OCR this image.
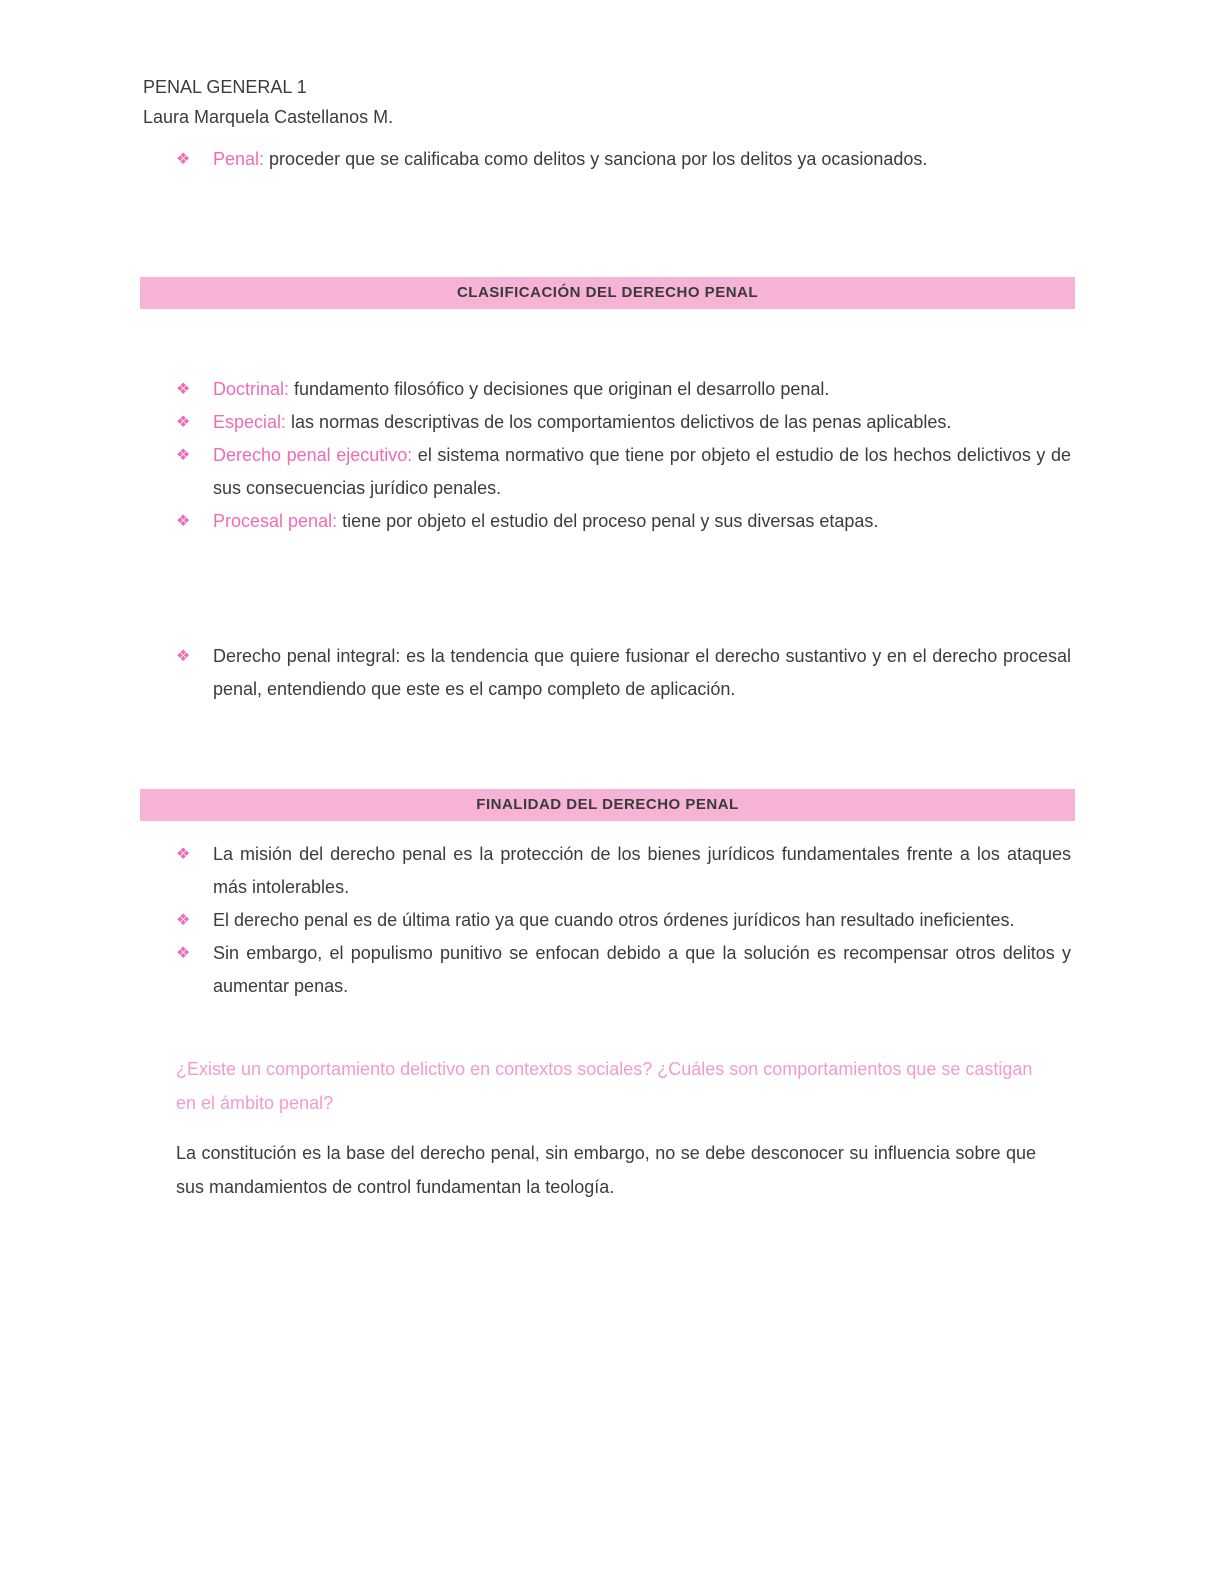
PENAL GENERAL 1
Laura Marquela Castellanos M.
❖ Penal: proceder que se calificaba como delitos y sanciona por los delitos ya ocasionados.
CLASIFICACIÓN DEL DERECHO PENAL
❖ Doctrinal: fundamento filosófico y decisiones que originan el desarrollo penal.
❖ Especial: las normas descriptivas de los comportamientos delictivos de las penas aplicables.
❖ Derecho penal ejecutivo: el sistema normativo que tiene por objeto el estudio de los hechos delictivos y de sus consecuencias jurídico penales.
❖ Procesal penal: tiene por objeto el estudio del proceso penal y sus diversas etapas.
❖ Derecho penal integral: es la tendencia que quiere fusionar el derecho sustantivo y en el derecho procesal penal, entendiendo que este es el campo completo de aplicación.
FINALIDAD DEL DERECHO PENAL
❖ La misión del derecho penal es la protección de los bienes jurídicos fundamentales frente a los ataques más intolerables.
❖ El derecho penal es de última ratio ya que cuando otros órdenes jurídicos han resultado ineficientes.
❖ Sin embargo, el populismo punitivo se enfocan debido a que la solución es recompensar otros delitos y aumentar penas.
¿Existe un comportamiento delictivo en contextos sociales? ¿Cuáles son comportamientos que se castigan en el ámbito penal?
La constitución es la base del derecho penal, sin embargo, no se debe desconocer su influencia sobre que sus mandamientos de control fundamentan la teología.
